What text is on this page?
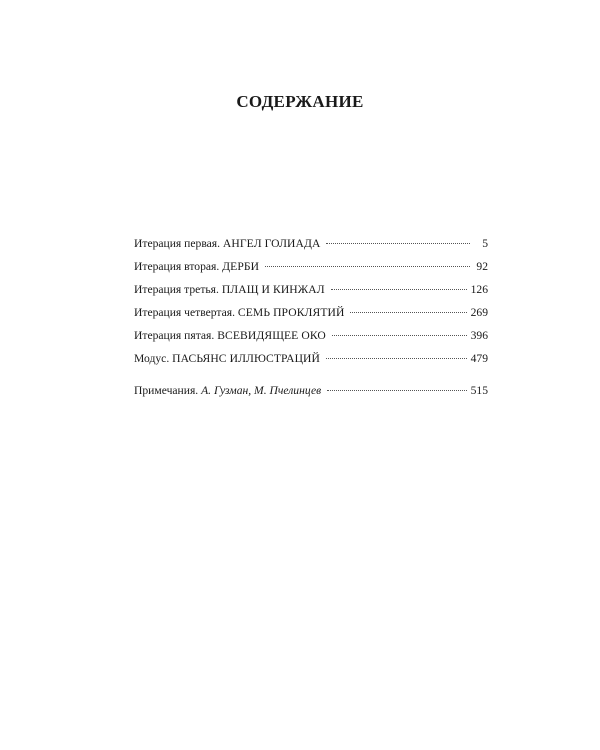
СОДЕРЖАНИЕ
Итерация первая. АНГЕЛ ГОЛИАДА	5
Итерация вторая. ДЕРБИ	92
Итерация третья. ПЛАЩ И КИНЖАЛ	126
Итерация четвертая. СЕМЬ ПРОКЛЯТИЙ	269
Итерация пятая. ВСЕВИДЯЩЕЕ ОКО	396
Модус. ПАСЬЯНС ИЛЛЮСТРАЦИЙ	479
Примечания. А. Гузман, М. Пчелинцев	515
